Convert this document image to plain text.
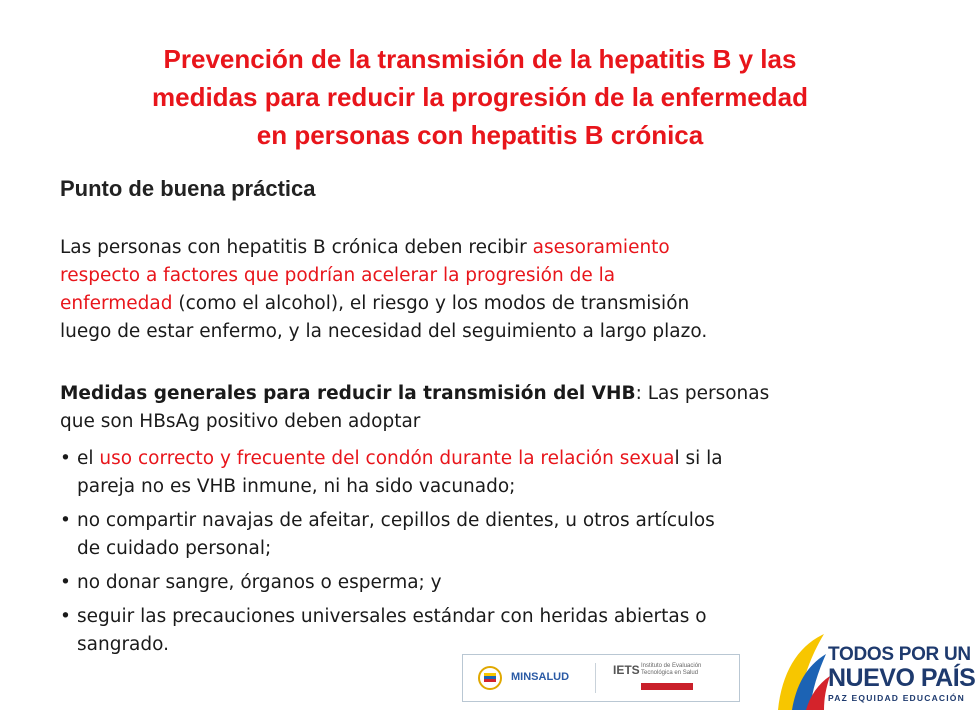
Prevención de la transmisión de la hepatitis B y las
medidas para reducir la progresión de la enfermedad
en personas con hepatitis B crónica
Punto de buena práctica
Las personas con hepatitis B crónica deben recibir asesoramiento
respecto a factores que podrían acelerar la progresión de la
enfermedad (como el alcohol), el riesgo y los modos de transmisión
luego de estar enfermo, y la necesidad del seguimiento a largo plazo.
Medidas generales para reducir la transmisión del VHB: Las personas
que son HBsAg positivo deben adoptar
• el uso correcto y frecuente del condón durante la relación sexual si la
pareja no es VHB inmune, ni ha sido vacunado;
• no compartir navajas de afeitar, cepillos de dientes, u otros artículos
de cuidado personal;
• no donar sangre, órganos o esperma; y
• seguir las precauciones universales estándar con heridas abiertas o
sangrado.
MINSALUD	IETS Instituto de Evaluación
Tecnológica en Salud
TODOS POR UN
NUEVO PAÍS
PAZ EQUIDAD EDUCACIÓN
